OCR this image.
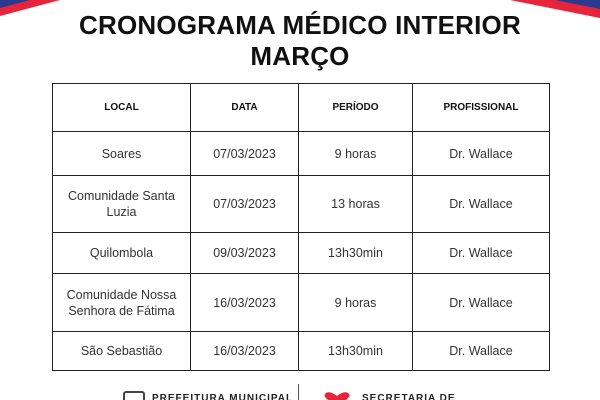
CRONOGRAMA MÉDICO INTERIOR
MARÇO
LOCAL	DATA	PERÍODO	PROFISSIONAL
Soares	07/03/2023	9 horas	Dr. Wallace
Comunidade Santa Luzia	07/03/2023	13 horas	Dr. Wallace
Quilombola	09/03/2023	13h30min	Dr. Wallace
Comunidade Nossa Senhora de Fátima	16/03/2023	9 horas	Dr. Wallace
São Sebastião	16/03/2023	13h30min	Dr. Wallace
PREFEITURA MUNICIPAL	SECRETARIA DE
